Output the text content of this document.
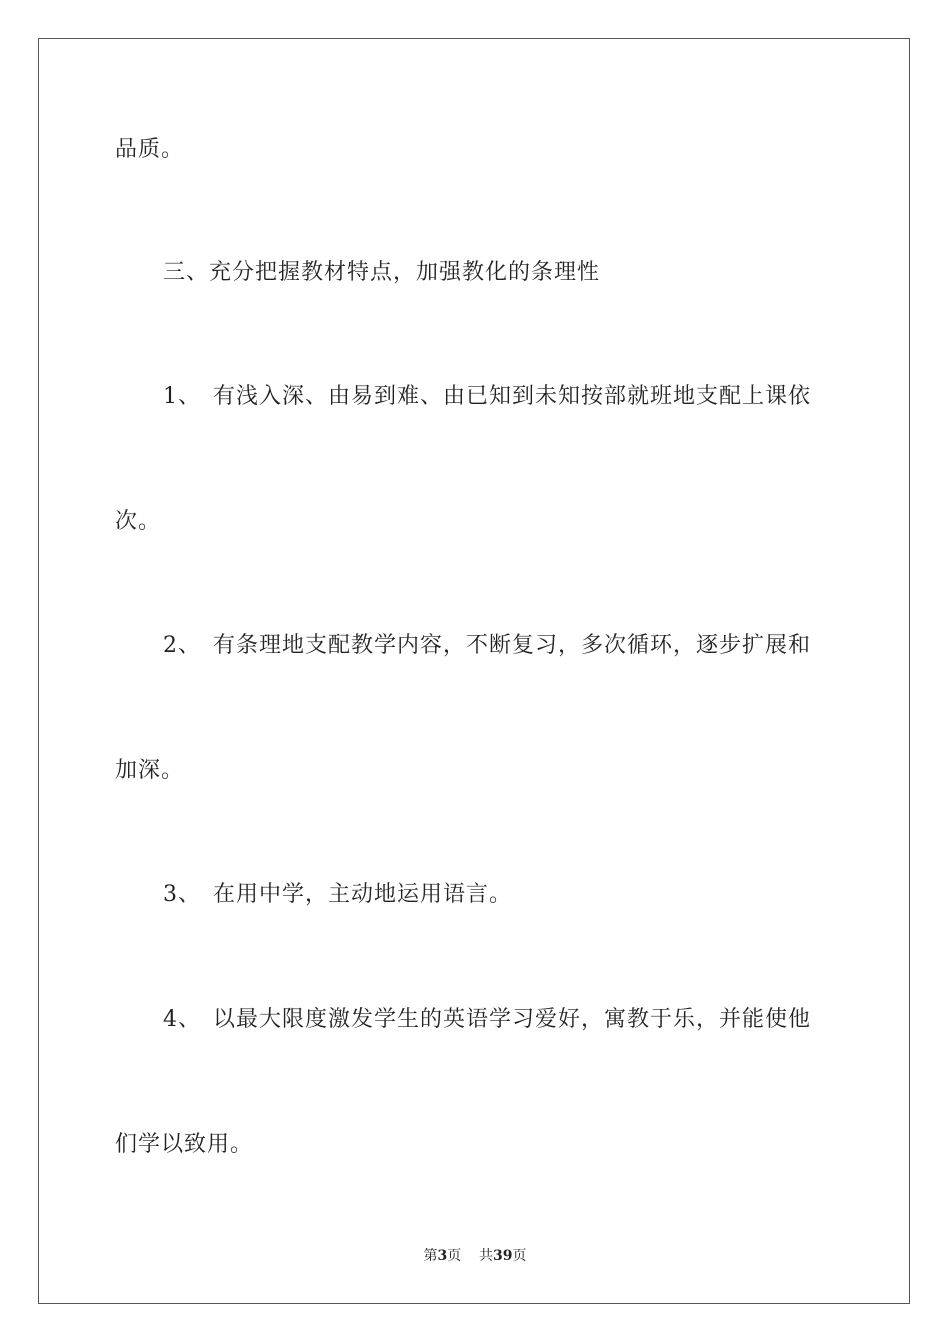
品质。
三、充分把握教材特点，加强教化的条理性
1、 有浅入深、由易到难、由已知到未知按部就班地支配上课依
次。
2、 有条理地支配教学内容，不断复习，多次循环，逐步扩展和
加深。
3、 在用中学，主动地运用语言。
4、 以最大限度激发学生的英语学习爱好，寓教于乐，并能使他
们学以致用。
第3页 共39页
